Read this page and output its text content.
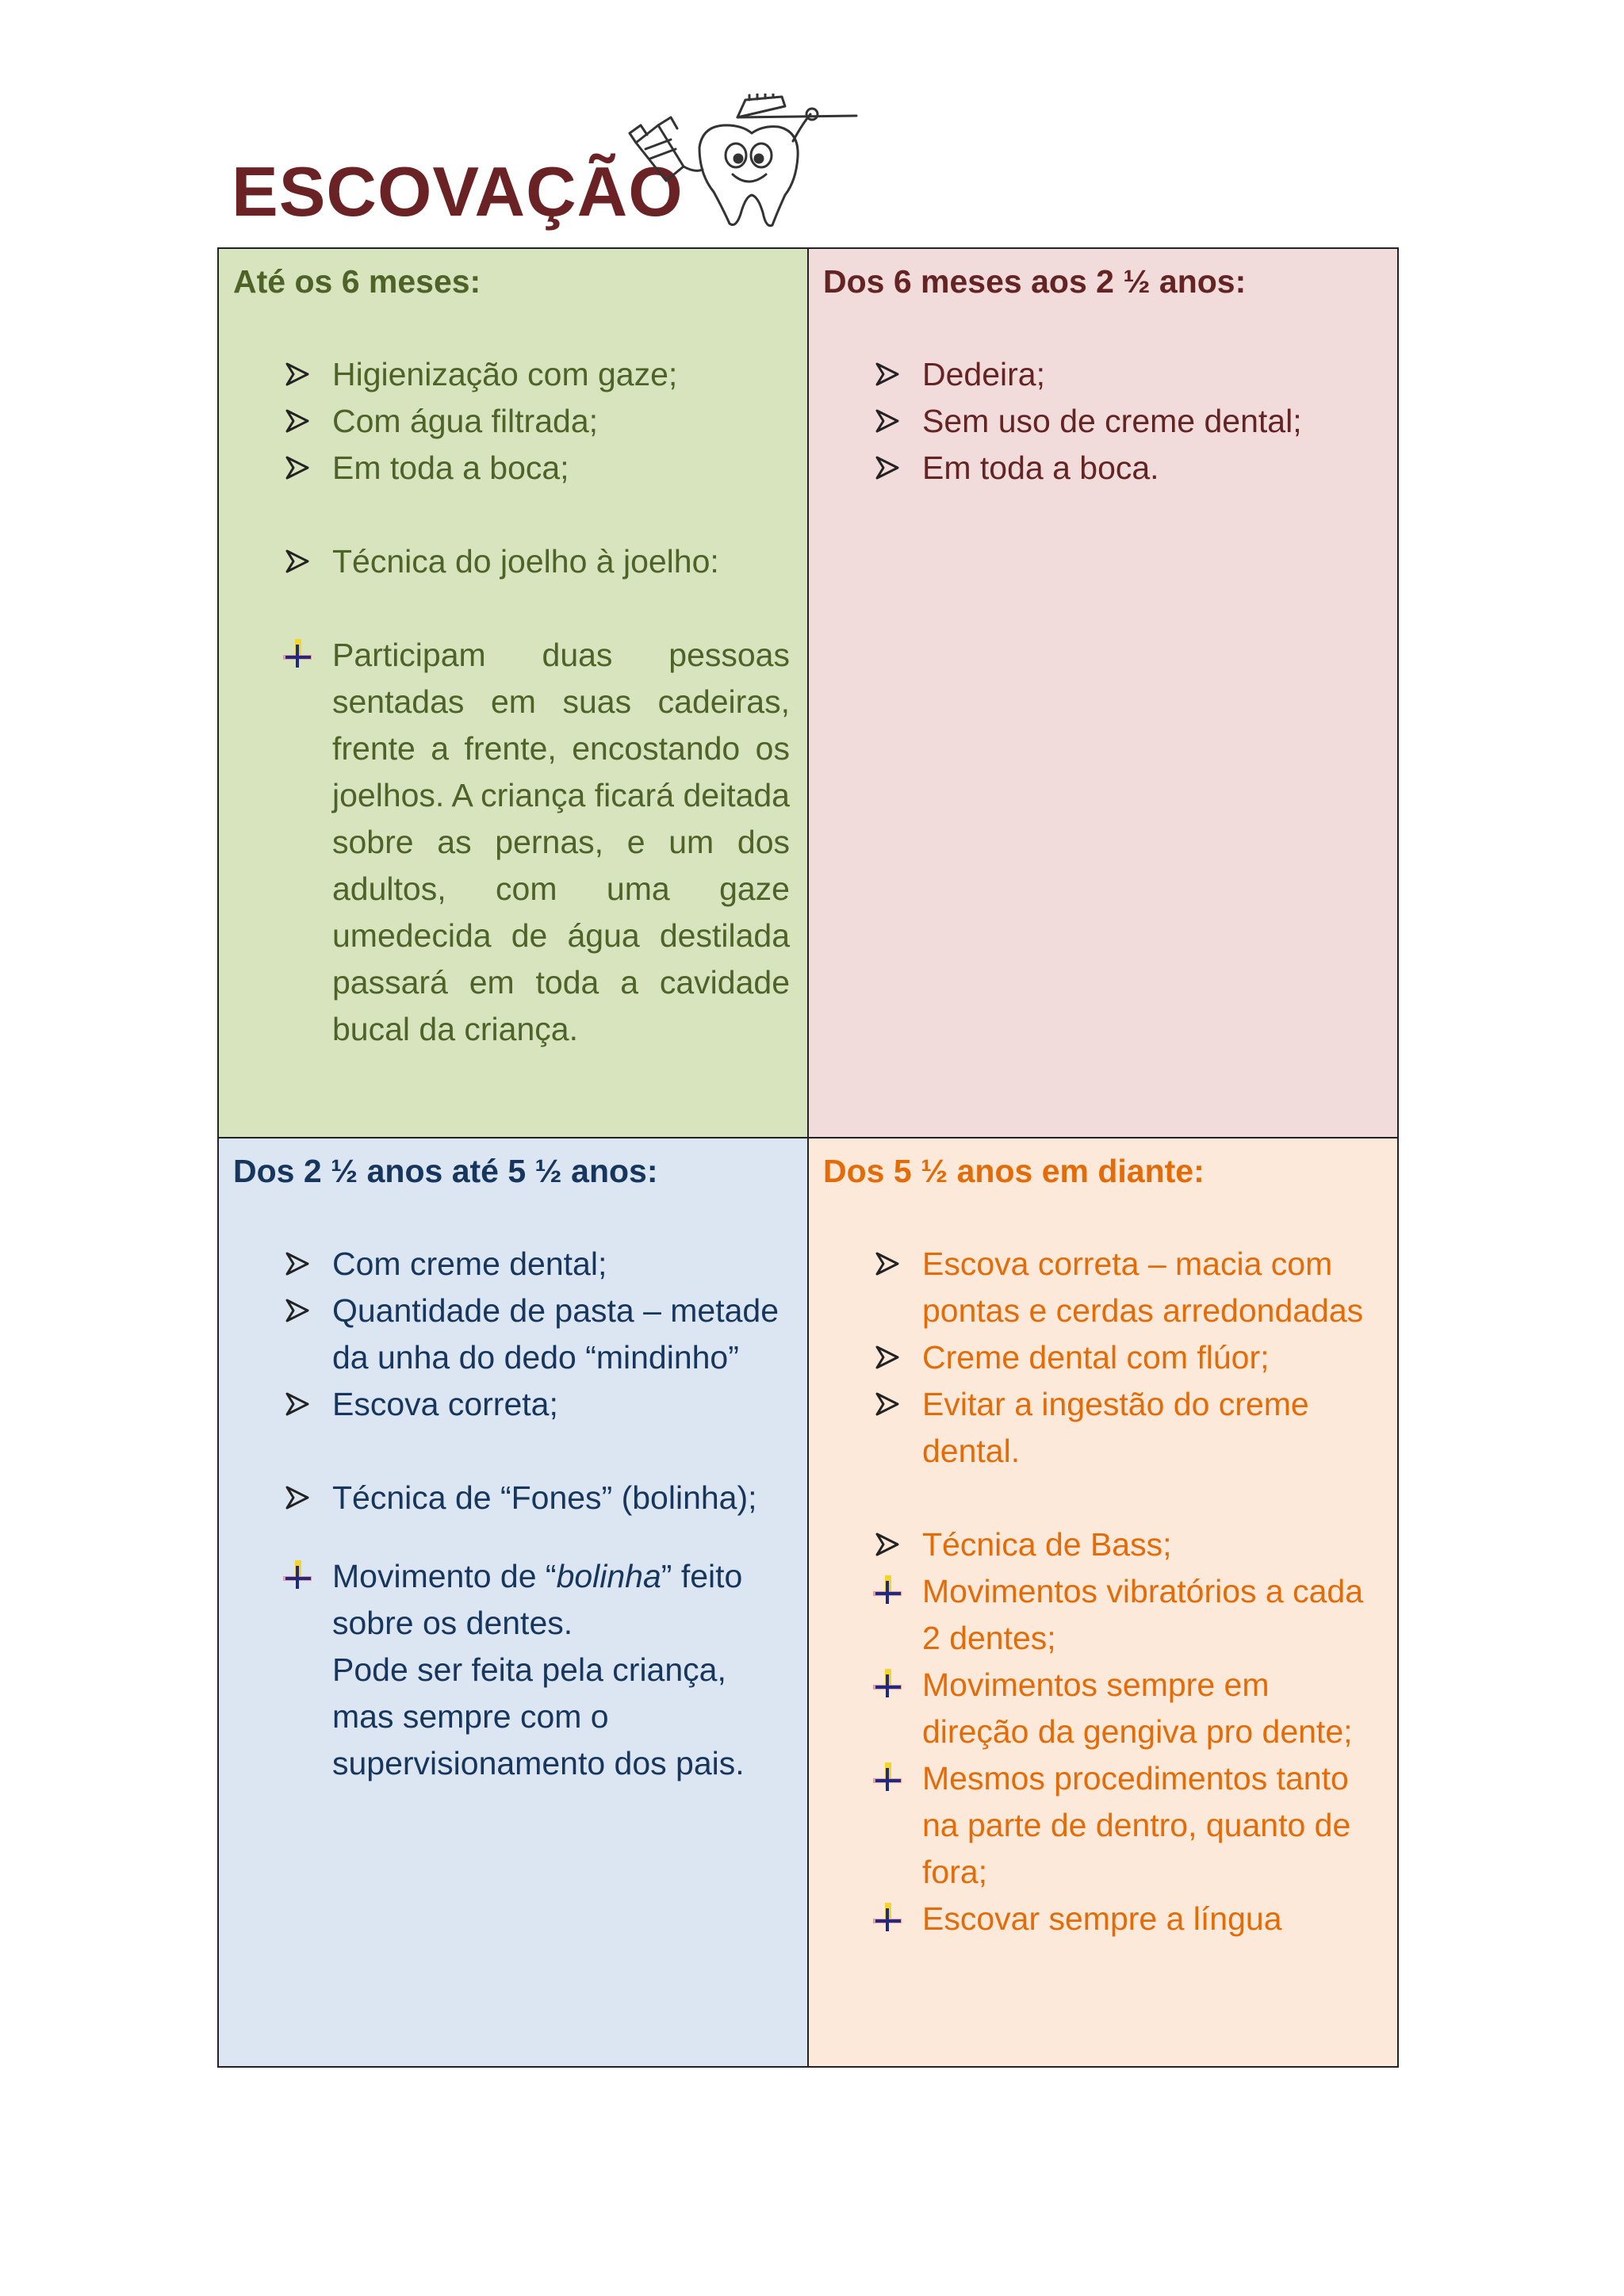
ESCOVAÇÃO

Até os 6 meses:

Higienização com gaze;
Com água filtrada;
Em toda a boca;
Técnica do joelho à joelho:
Participam duas pessoas sentadas em suas cadeiras, frente a frente, encostando os joelhos. A criança ficará deitada sobre as pernas, e um dos adultos, com uma gaze umedecida de água destilada passará em toda a cavidade bucal da criança.

Dos 6 meses aos 2 ½ anos:

Dedeira;
Sem uso de creme dental;
Em toda a boca.

Dos 2 ½ anos até 5 ½ anos:

Com creme dental;
Quantidade de pasta – metade da unha do dedo “mindinho”
Escova correta;
Técnica de “Fones” (bolinha);
Movimento de “bolinha” feito sobre os dentes.
Pode ser feita pela criança, mas sempre com o supervisionamento dos pais.

Dos 5 ½ anos em diante:

Escova correta – macia com pontas e cerdas arredondadas
Creme dental com flúor;
Evitar a ingestão do creme dental.
Técnica de Bass;
Movimentos vibratórios a cada 2 dentes;
Movimentos sempre em direção da gengiva pro dente;
Mesmos procedimentos tanto na parte de dentro, quanto de fora;
Escovar sempre a língua
